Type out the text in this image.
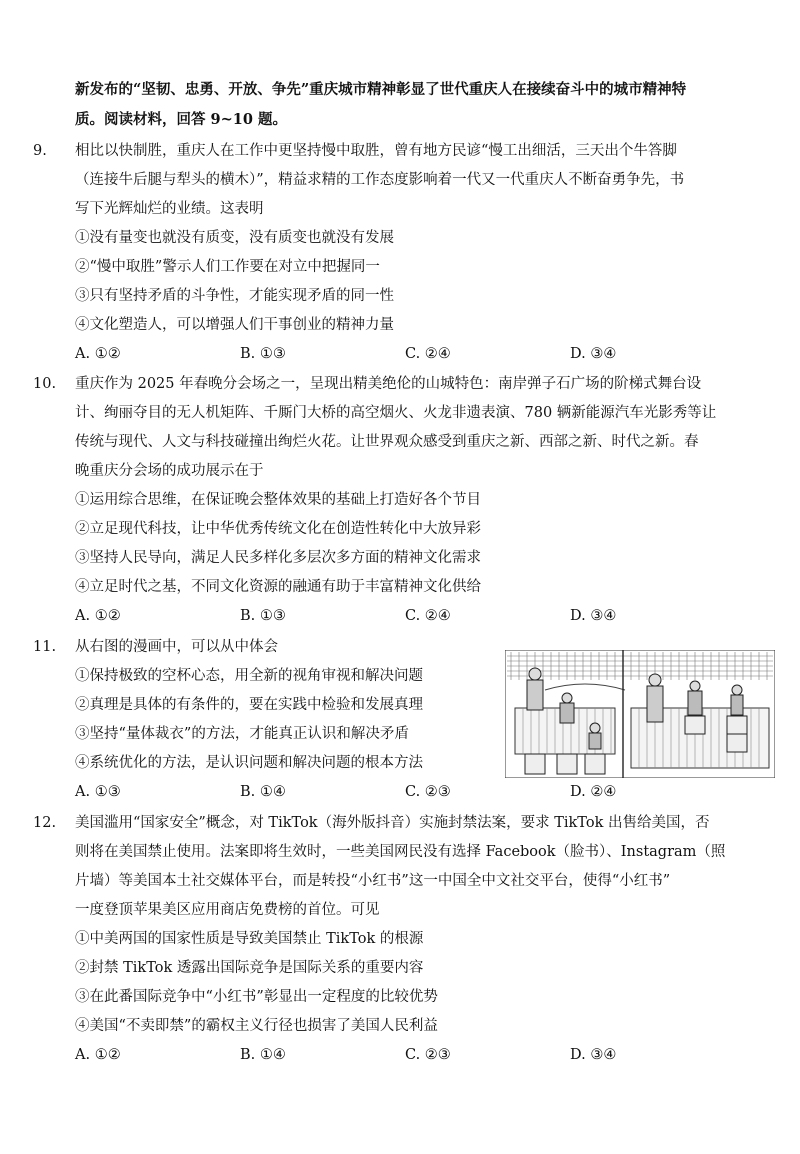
新发布的“坚韧、忠勇、开放、争先”重庆城市精神彰显了世代重庆人在接续奋斗中的城市精神特
质。阅读材料，回答 9~10 题。
9. 相比以快制胜，重庆人在工作中更坚持慢中取胜，曾有地方民谚“慢工出细活，三天出个牛答脚
（连接牛后腿与犁头的横木）”，精益求精的工作态度影响着一代又一代重庆人不断奋勇争先，书
写下光辉灿烂的业绩。这表明
①没有量变也就没有质变，没有质变也就没有发展
②“慢中取胜”警示人们工作要在对立中把握同一
③只有坚持矛盾的斗争性，才能实现矛盾的同一性
④文化塑造人，可以增强人们干事创业的精神力量
A. ①②	B. ①③	C. ②④	D. ③④
10. 重庆作为 2025 年春晚分会场之一，呈现出精美绝伦的山城特色：南岸弹子石广场的阶梯式舞台设
计、绚丽夺目的无人机矩阵、千厮门大桥的高空烟火、火龙非遗表演、780 辆新能源汽车光影秀等让
传统与现代、人文与科技碰撞出绚烂火花。让世界观众感受到重庆之新、西部之新、时代之新。春
晚重庆分会场的成功展示在于
①运用综合思维，在保证晚会整体效果的基础上打造好各个节目
②立足现代科技，让中华优秀传统文化在创造性转化中大放异彩
③坚持人民导向，满足人民多样化多层次多方面的精神文化需求
④立足时代之基，不同文化资源的融通有助于丰富精神文化供给
A. ①②	B. ①③	C. ②④	D. ③④
11. 从右图的漫画中，可以从中体会
①保持极致的空杯心态，用全新的视角审视和解决问题
②真理是具体的有条件的，要在实践中检验和发展真理
③坚持“量体裁衣”的方法，才能真正认识和解决矛盾
④系统优化的方法，是认识问题和解决问题的根本方法
A. ①③	B. ①④	C. ②③	D. ②④
12. 美国滥用“国家安全”概念，对 TikTok（海外版抖音）实施封禁法案，要求 TikTok 出售给美国，否
则将在美国禁止使用。法案即将生效时，一些美国网民没有选择 Facebook（脸书）、Instagram（照
片墙）等美国本土社交媒体平台，而是转投“小红书”这一中国全中文社交平台，使得“小红书”
一度登顶苹果美区应用商店免费榜的首位。可见
①中美两国的国家性质是导致美国禁止 TikTok 的根源
②封禁 TikTok 透露出国际竞争是国际关系的重要内容
③在此番国际竞争中“小红书”彰显出一定程度的比较优势
④美国“不卖即禁”的霸权主义行径也损害了美国人民利益
A. ①②	B. ①④	C. ②③	D. ③④
